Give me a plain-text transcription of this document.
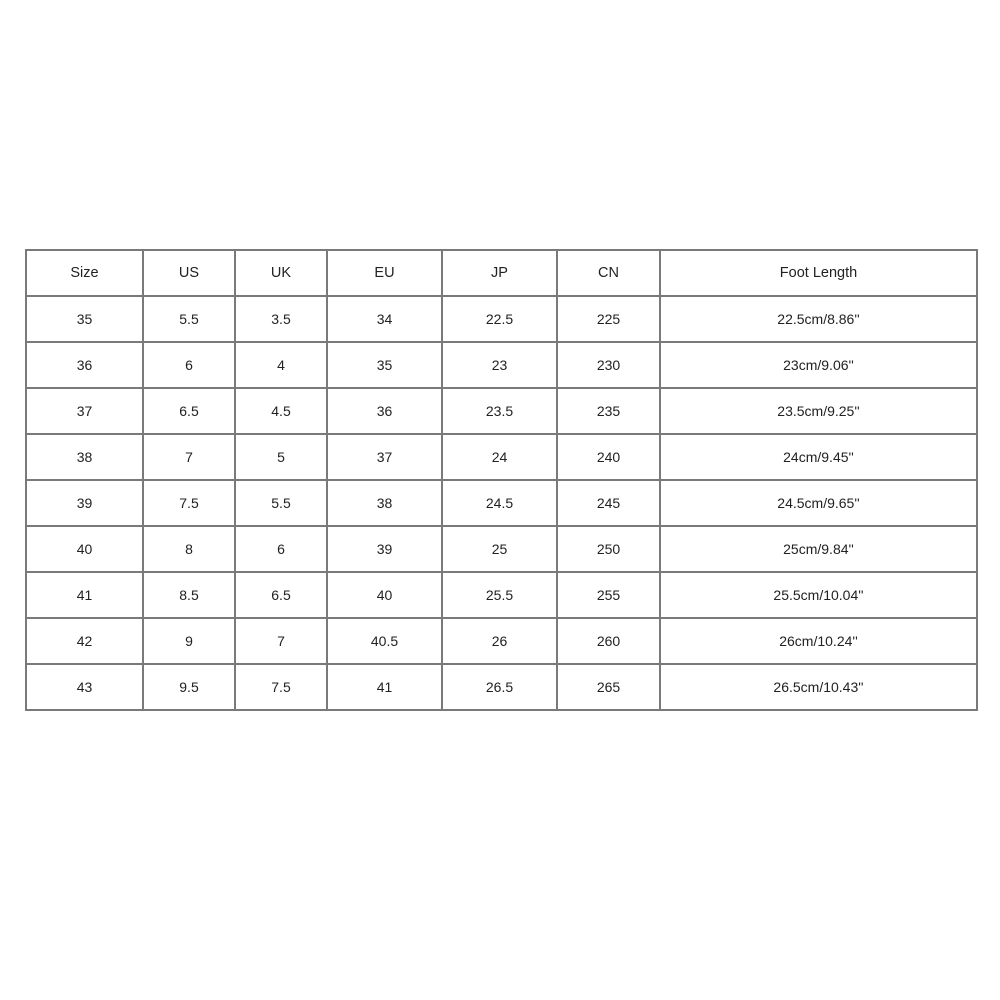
Size	US	UK	EU	JP	CN	Foot Length
35	5.5	3.5	34	22.5	225	22.5cm/8.86''
36	6	4	35	23	230	23cm/9.06''
37	6.5	4.5	36	23.5	235	23.5cm/9.25''
38	7	5	37	24	240	24cm/9.45''
39	7.5	5.5	38	24.5	245	24.5cm/9.65''
40	8	6	39	25	250	25cm/9.84''
41	8.5	6.5	40	25.5	255	25.5cm/10.04''
42	9	7	40.5	26	260	26cm/10.24''
43	9.5	7.5	41	26.5	265	26.5cm/10.43''
